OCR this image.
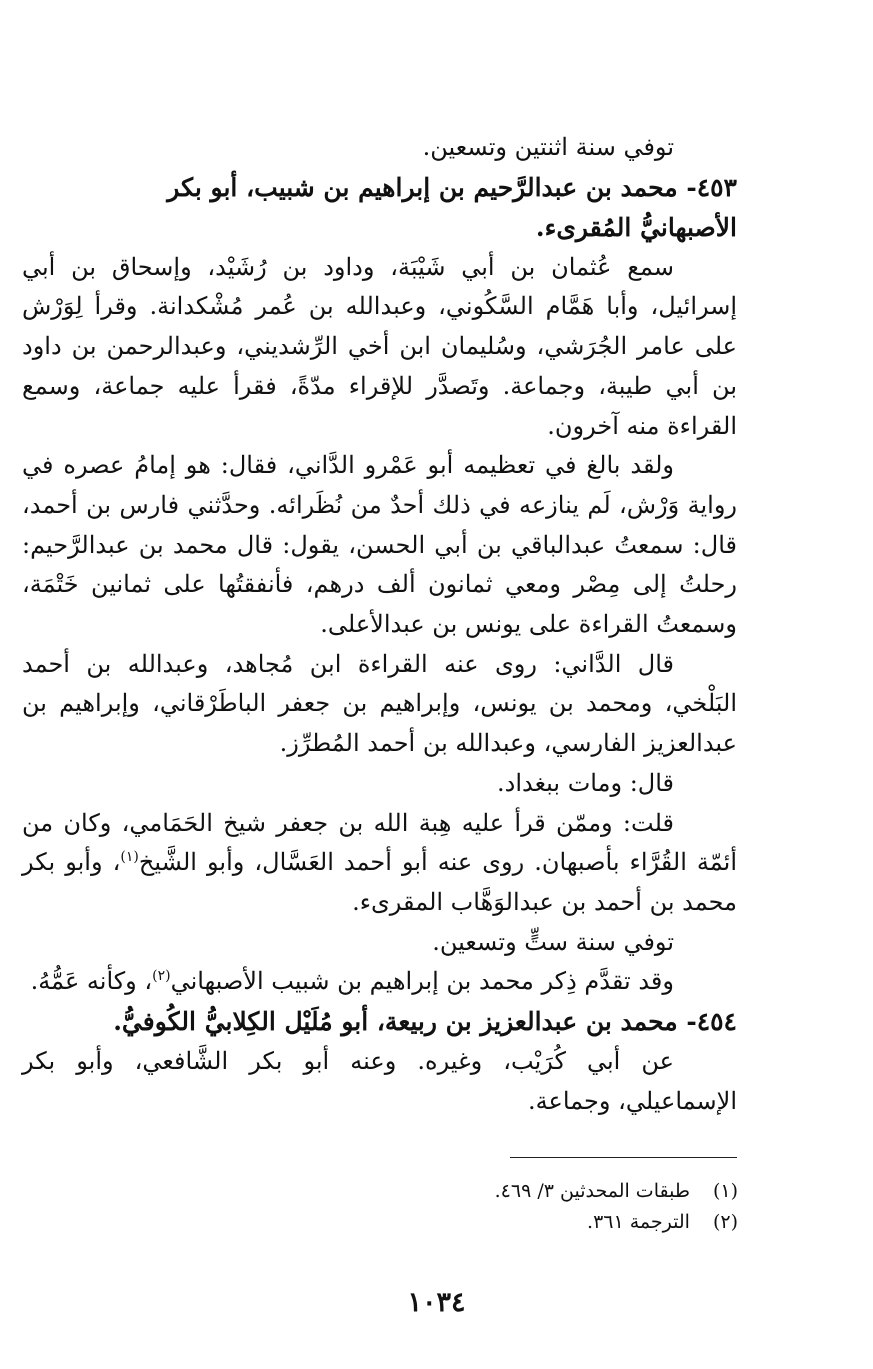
توفي سنة اثنتين وتسعين.

٤٥٣- محمد بن عبدالرَّحيم بن إبراهيم بن شبيب، أبو بكر
الأصبهانيُّ المُقرىء.

سمع عُثمان بن أبي شَيْبَة، وداود بن رُشَيْد، وإسحاق بن أبي إسرائيل، وأبا هَمَّام السَّكُوني، وعبدالله بن عُمر مُشْكدانة. وقرأ لِوَرْش على عامر الجُرَشي، وسُليمان ابن أخي الرِّشديني، وعبدالرحمن بن داود بن أبي طيبة، وجماعة. وتَصدَّر للإقراء مدّةً، فقرأ عليه جماعة، وسمع القراءة منه آخرون.

ولقد بالغ في تعظيمه أبو عَمْرو الدَّاني، فقال: هو إمامُ عصره في رواية وَرْش، لَم ينازعه في ذلك أحدٌ من نُظَرائه. وحدَّثني فارس بن أحمد، قال: سمعتُ عبدالباقي بن أبي الحسن، يقول: قال محمد بن عبدالرَّحيم: رحلتُ إلى مِصْر ومعي ثمانون ألف درهم، فأنفقتُها على ثمانين خَتْمَة، وسمعتُ القراءة على يونس بن عبدالأعلى.

قال الدَّاني: روى عنه القراءة ابن مُجاهد، وعبدالله بن أحمد البَلْخي، ومحمد بن يونس، وإبراهيم بن جعفر الباطَرْقاني، وإبراهيم بن عبدالعزيز الفارسي، وعبدالله بن أحمد المُطرِّز.

قال: ومات ببغداد.

قلت: وممّن قرأ عليه هِبة الله بن جعفر شيخ الحَمَامي، وكان من أئمّة القُرَّاء بأصبهان. روى عنه أبو أحمد العَسَّال، وأبو الشَّيخ$^{(١)}$، وأبو بكر محمد بن أحمد بن عبدالوَهَّاب المقرىء.

توفي سنة ستٍّ وتسعين.

وقد تقدَّم ذِكر محمد بن إبراهيم بن شبيب الأصبهاني$^{(٢)}$، وكأنه عَمُّهُ.

٤٥٤- محمد بن عبدالعزيز بن ربيعة، أبو مُلَيْل الكِلابيُّ الكُوفيُّ.

عن أبي كُرَيْب، وغيره. وعنه أبو بكر الشَّافعي، وأبو بكر الإسماعيلي، وجماعة.

(١) طبقات المحدثين ٣/ ٤٦٩.
(٢) الترجمة ٣٦١.
١٠٣٤
